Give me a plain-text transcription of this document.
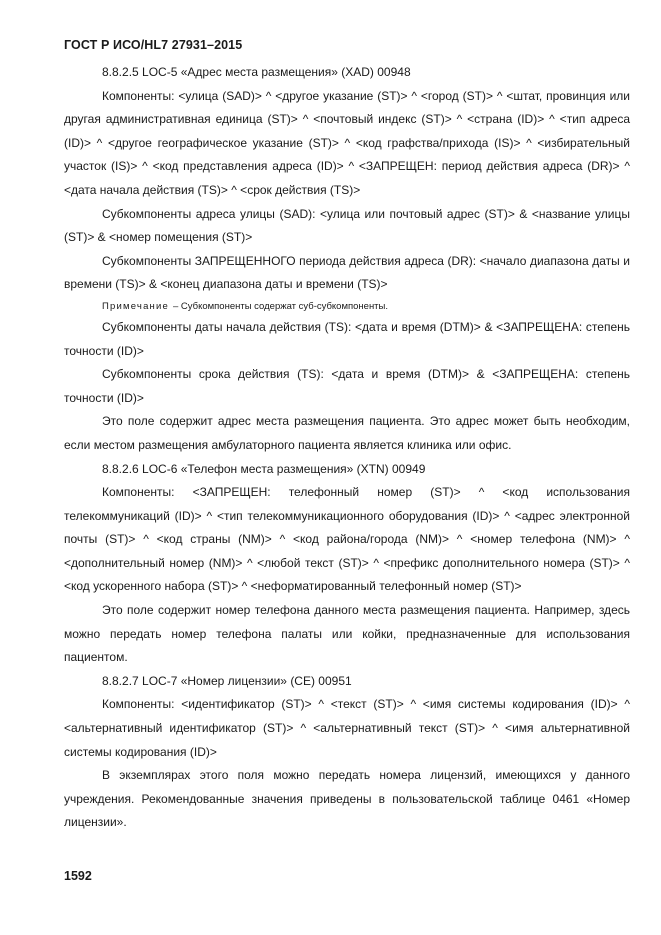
ГОСТ Р ИСО/HL7 27931–2015

8.8.2.5 LOC-5 «Адрес места размещения» (XAD) 00948

Компоненты: <улица (SAD)> ^ <другое указание (ST)> ^ <город (ST)> ^ <штат, провинция или другая административная единица (ST)> ^ <почтовый индекс (ST)> ^ <страна (ID)> ^ <тип адреса (ID)> ^ <другое географическое указание (ST)> ^ <код графства/прихода (IS)> ^ <избирательный участок (IS)> ^ <код представления адреса (ID)> ^ <ЗАПРЕЩЕН: период действия адреса (DR)> ^ <дата начала действия (TS)> ^ <срок действия (TS)>

Субкомпоненты адреса улицы (SAD): <улица или почтовый адрес (ST)> & <название улицы (ST)> & <номер помещения (ST)>

Субкомпоненты ЗАПРЕЩЕННОГО периода действия адреса (DR): <начало диапазона даты и времени (TS)> & <конец диапазона даты и времени (TS)>

Примечание – Субкомпоненты содержат суб-субкомпоненты.

Субкомпоненты даты начала действия (TS): <дата и время (DTM)> & <ЗАПРЕЩЕНА: степень точности (ID)>

Субкомпоненты срока действия (TS): <дата и время (DTM)> & <ЗАПРЕЩЕНА: степень точности (ID)>

Это поле содержит адрес места размещения пациента. Это адрес может быть необходим, если местом размещения амбулаторного пациента является клиника или офис.

8.8.2.6 LOC-6 «Телефон места размещения» (XTN) 00949

Компоненты: <ЗАПРЕЩЕН: телефонный номер (ST)> ^ <код использования телекоммуникаций (ID)> ^ <тип телекоммуникационного оборудования (ID)> ^ <адрес электронной почты (ST)> ^ <код страны (NM)> ^ <код района/города (NM)> ^ <номер телефона (NM)> ^ <дополнительный номер (NM)> ^ <любой текст (ST)> ^ <префикс дополнительного номера (ST)> ^ <код ускоренного набора (ST)> ^ <неформатированный телефонный номер (ST)>

Это поле содержит номер телефона данного места размещения пациента. Например, здесь можно передать номер телефона палаты или койки, предназначенные для использования пациентом.

8.8.2.7 LOC-7 «Номер лицензии» (CE) 00951

Компоненты: <идентификатор (ST)> ^ <текст (ST)> ^ <имя системы кодирования (ID)> ^ <альтернативный идентификатор (ST)> ^ <альтернативный текст (ST)> ^ <имя альтернативной системы кодирования (ID)>

В экземплярах этого поля можно передать номера лицензий, имеющихся у данного учреждения. Рекомендованные значения приведены в пользовательской таблице 0461 «Номер лицензии».

1592
